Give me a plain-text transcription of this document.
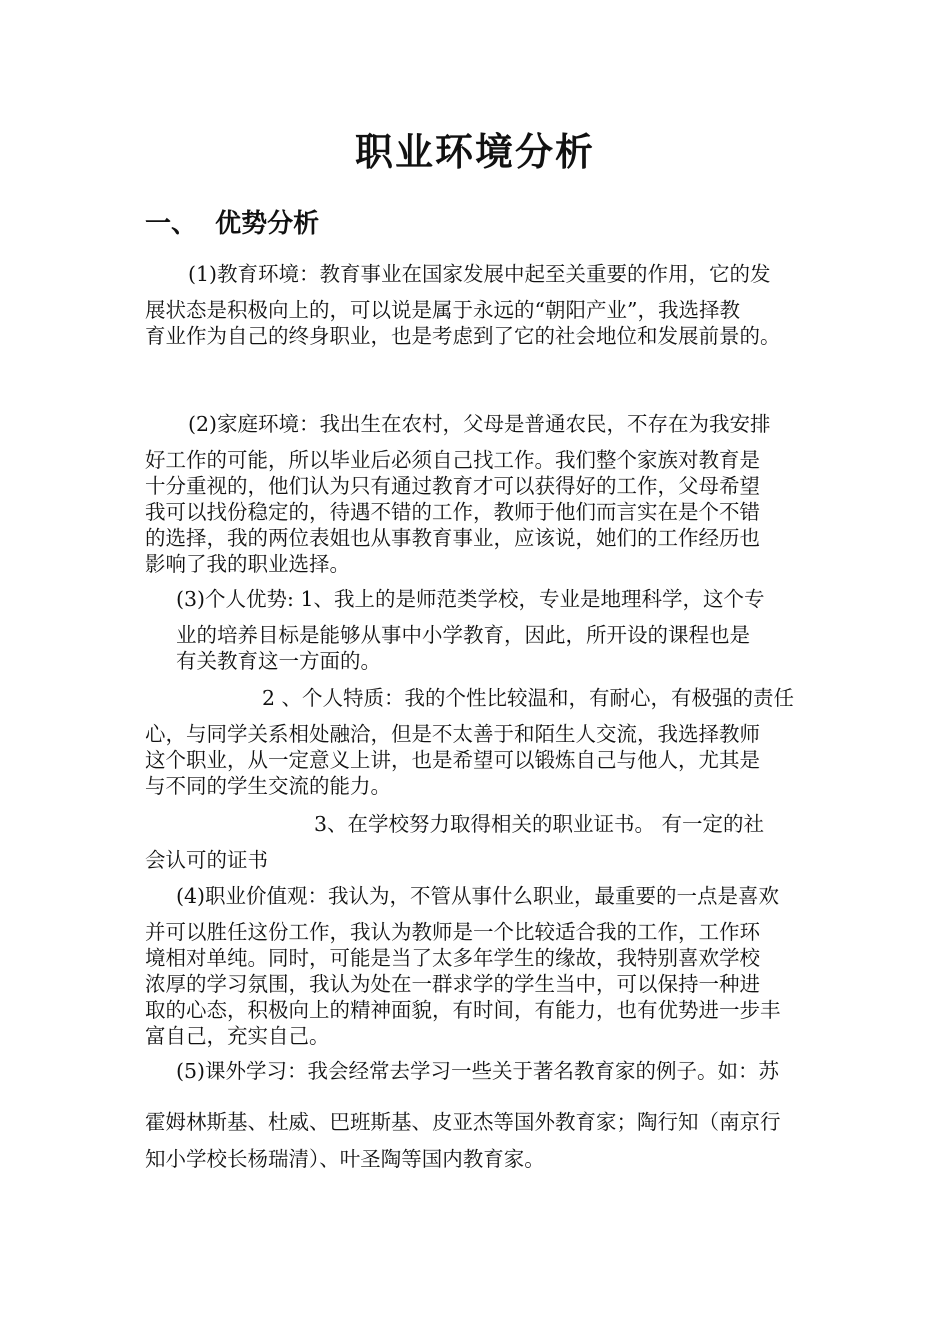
职业环境分析
一、  优势分析
(1)教育环境：教育事业在国家发展中起至关重要的作用，它的发
展状态是积极向上的，可以说是属于永远的“朝阳产业”，我选择教
育业作为自己的终身职业，也是考虑到了它的社会地位和发展前景的。
(2)家庭环境：我出生在农村，父母是普通农民，不存在为我安排
好工作的可能，所以毕业后必须自己找工作。我们整个家族对教育是
十分重视的，他们认为只有通过教育才可以获得好的工作，父母希望
我可以找份稳定的，待遇不错的工作，教师于他们而言实在是个不错
的选择，我的两位表姐也从事教育事业，应该说，她们的工作经历也
影响了我的职业选择。
(3)个人优势: 1、我上的是师范类学校，专业是地理科学，这个专
业的培养目标是能够从事中小学教育，因此，所开设的课程也是
有关教育这一方面的。
2 、个人特质：我的个性比较温和，有耐心，有极强的责任
心，与同学关系相处融洽，但是不太善于和陌生人交流，我选择教师
这个职业，从一定意义上讲，也是希望可以锻炼自己与他人，尤其是
与不同的学生交流的能力。
3、在学校努力取得相关的职业证书。 有一定的社
会认可的证书
(4)职业价值观：我认为，不管从事什么职业，最重要的一点是喜欢
并可以胜任这份工作，我认为教师是一个比较适合我的工作，工作环
境相对单纯。同时，可能是当了太多年学生的缘故，我特别喜欢学校
浓厚的学习氛围，我认为处在一群求学的学生当中，可以保持一种进
取的心态，积极向上的精神面貌，有时间，有能力，也有优势进一步丰
富自己，充实自己。
(5)课外学习：我会经常去学习一些关于著名教育家的例子。如：苏
霍姆林斯基、杜威、巴班斯基、皮亚杰等国外教育家；陶行知（南京行
知小学校长杨瑞清）、叶圣陶等国内教育家。
